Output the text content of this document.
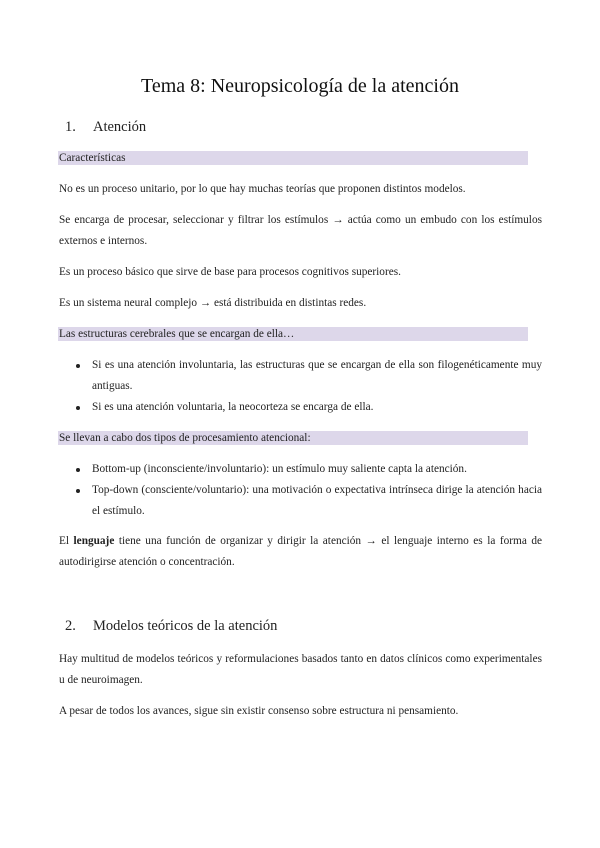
Tema 8: Neuropsicología de la atención
1. Atención
Características

No es un proceso unitario, por lo que hay muchas teorías que proponen distintos modelos.

Se encarga de procesar, seleccionar y filtrar los estímulos → actúa como un embudo con los estímulos externos e internos.

Es un proceso básico que sirve de base para procesos cognitivos superiores.

Es un sistema neural complejo → está distribuida en distintas redes.

Las estructuras cerebrales que se encargan de ella…
Si es una atención involuntaria, las estructuras que se encargan de ella son filogenéticamente muy antiguas.
Si es una atención voluntaria, la neocorteza se encarga de ella.
Se llevan a cabo dos tipos de procesamiento atencional:
Bottom-up (inconsciente/involuntario): un estímulo muy saliente capta la atención.
Top-down (consciente/voluntario): una motivación o expectativa intrínseca dirige la atención hacia el estímulo.

El lenguaje tiene una función de organizar y dirigir la atención → el lenguaje interno es la forma de autodirigirse atención o concentración.

2. Modelos teóricos de la atención

Hay multitud de modelos teóricos y reformulaciones basados tanto en datos clínicos como experimentales u de neuroimagen.

A pesar de todos los avances, sigue sin existir consenso sobre estructura ni pensamiento.
